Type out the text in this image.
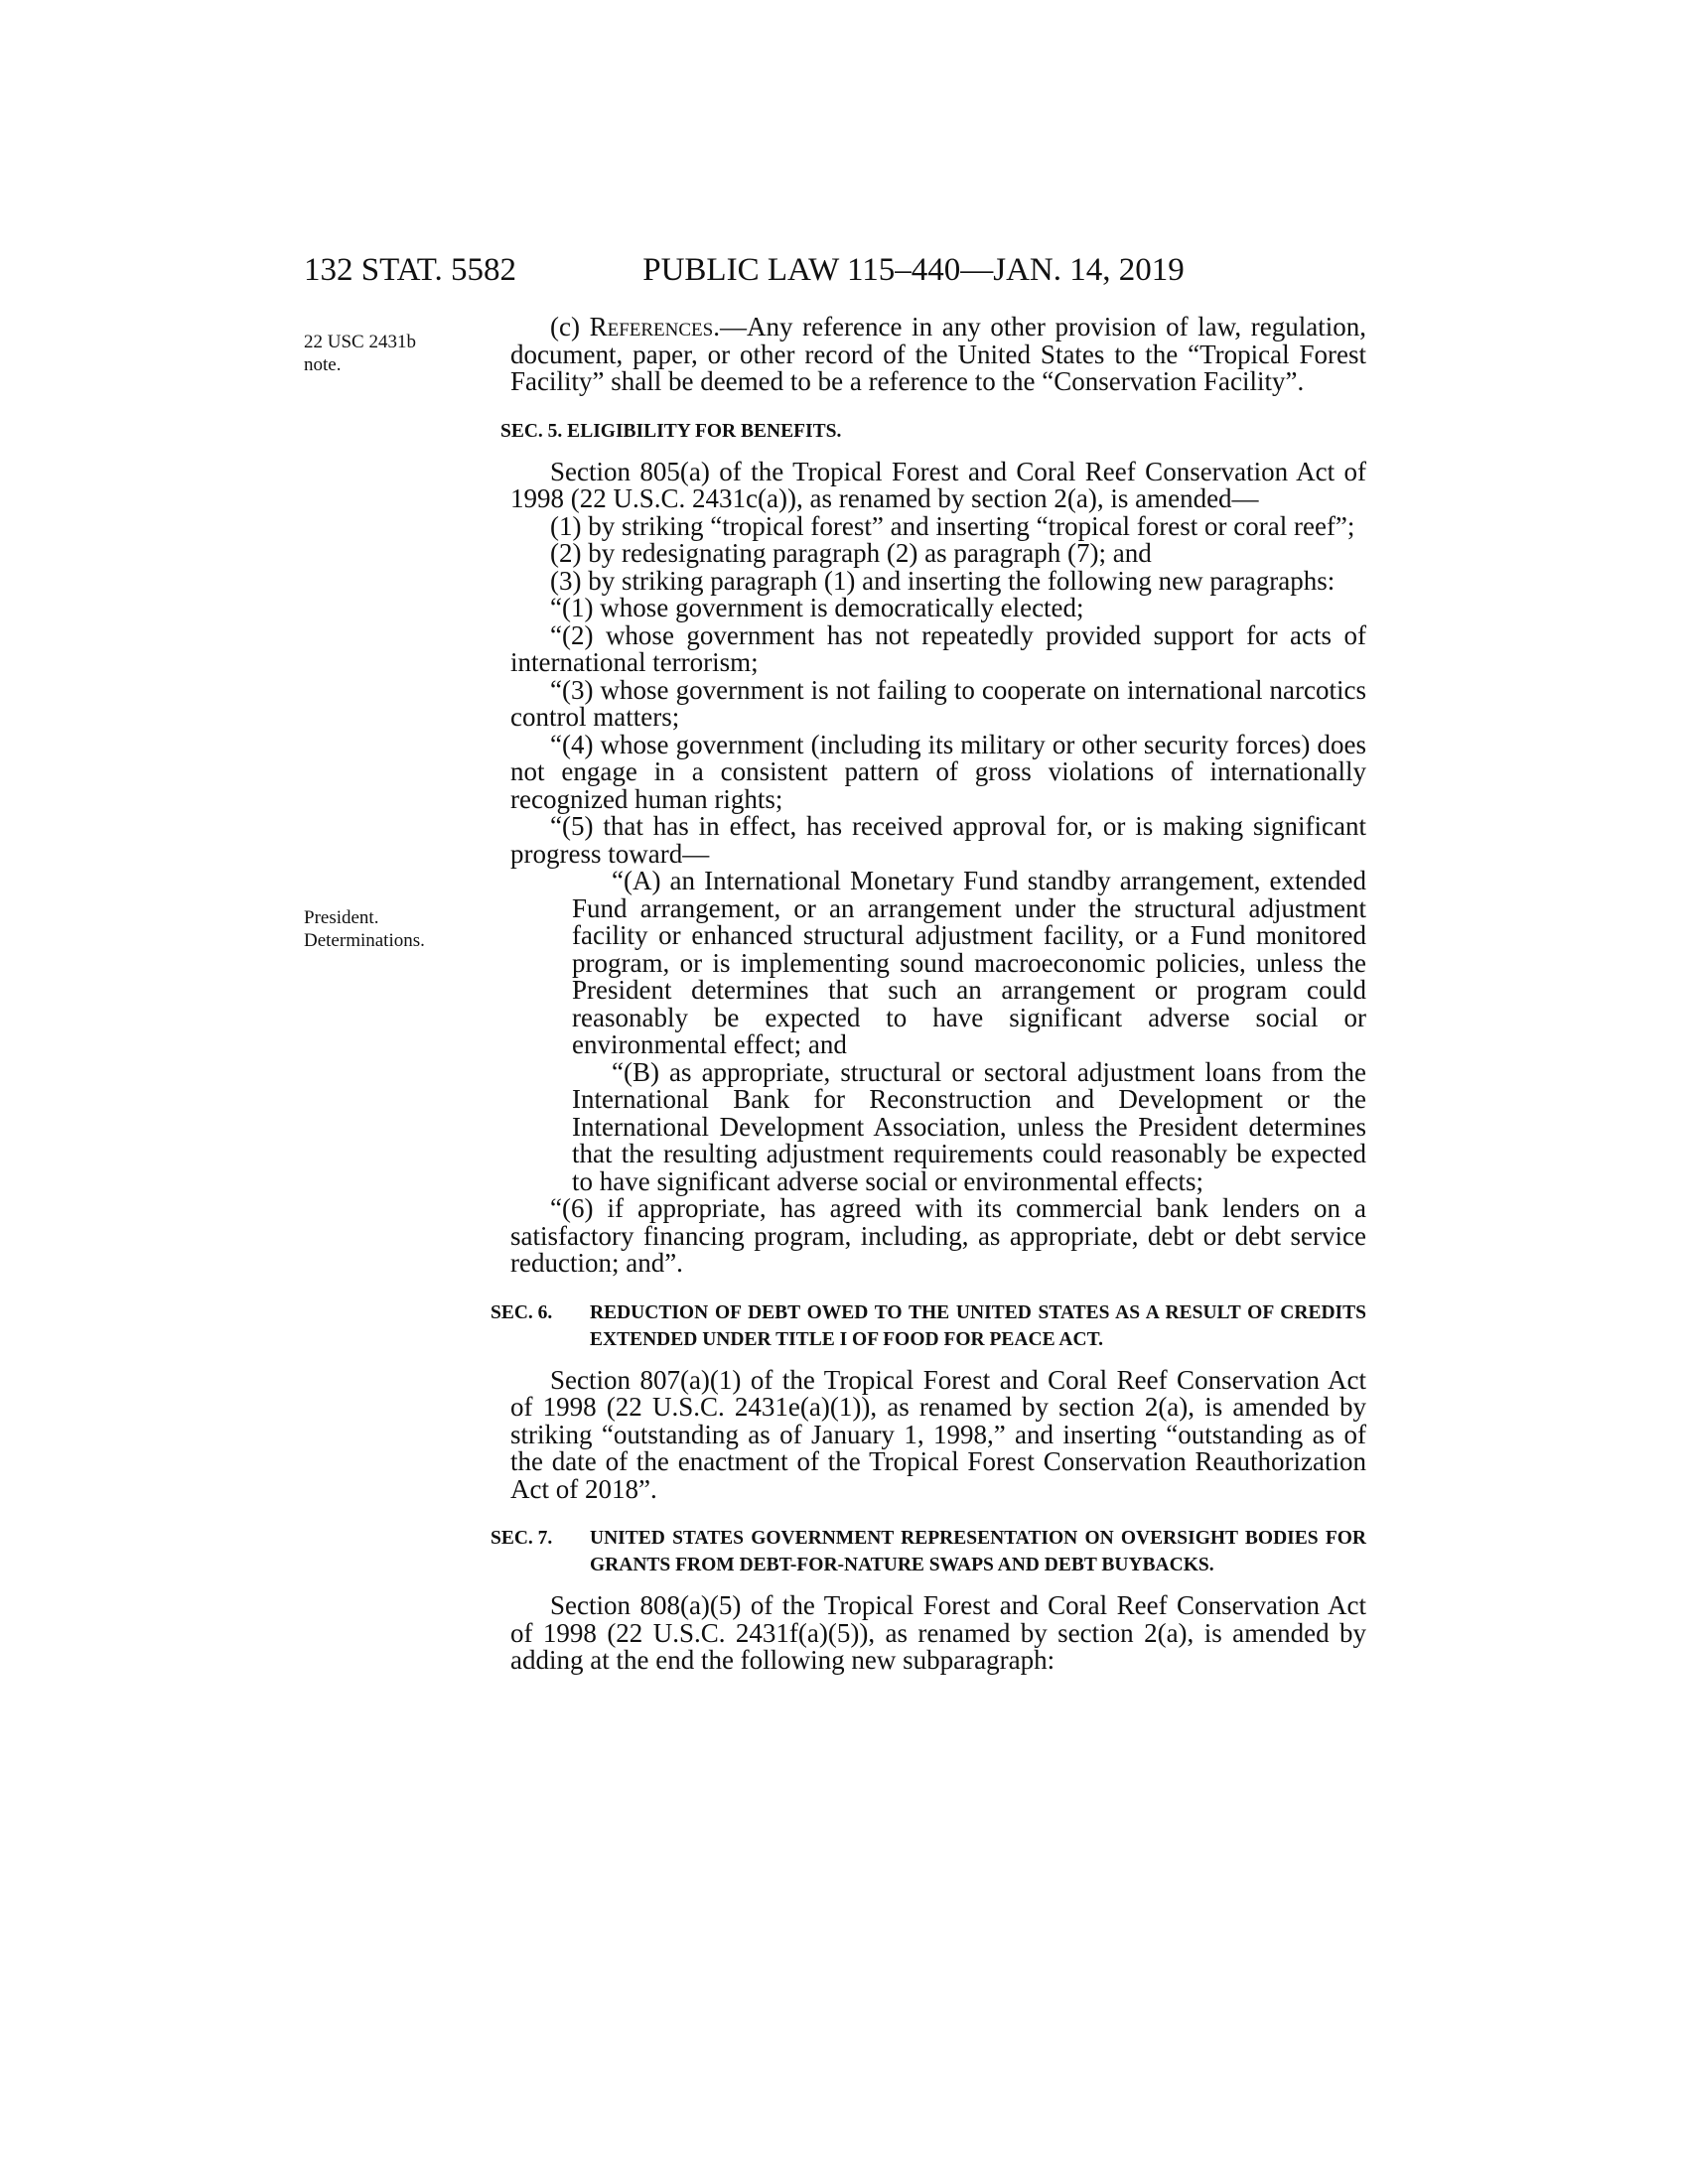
132 STAT. 5582	PUBLIC LAW 115–440—JAN. 14, 2019
22 USC 2431b
note.
President.
Determinations.

(c) References.—Any reference in any other provision of law, regulation, document, paper, or other record of the United States to the “Tropical Forest Facility” shall be deemed to be a reference to the “Conservation Facility”.

SEC. 5. ELIGIBILITY FOR BENEFITS.

Section 805(a) of the Tropical Forest and Coral Reef Conservation Act of 1998 (22 U.S.C. 2431c(a)), as renamed by section 2(a), is amended—

(1) by striking “tropical forest” and inserting “tropical forest or coral reef”;

(2) by redesignating paragraph (2) as paragraph (7); and

(3) by striking paragraph (1) and inserting the following new paragraphs:

“(1) whose government is democratically elected;

“(2) whose government has not repeatedly provided support for acts of international terrorism;

“(3) whose government is not failing to cooperate on international narcotics control matters;

“(4) whose government (including its military or other security forces) does not engage in a consistent pattern of gross violations of internationally recognized human rights;

“(5) that has in effect, has received approval for, or is making significant progress toward—

“(A) an International Monetary Fund standby arrangement, extended Fund arrangement, or an arrangement under the structural adjustment facility or enhanced structural adjustment facility, or a Fund monitored program, or is implementing sound macroeconomic policies, unless the President determines that such an arrangement or program could reasonably be expected to have significant adverse social or environmental effect; and

“(B) as appropriate, structural or sectoral adjustment loans from the International Bank for Reconstruction and Development or the International Development Association, unless the President determines that the resulting adjustment requirements could reasonably be expected to have significant adverse social or environmental effects;

“(6) if appropriate, has agreed with its commercial bank lenders on a satisfactory financing program, including, as appropriate, debt or debt service reduction; and”.

SEC. 6. REDUCTION OF DEBT OWED TO THE UNITED STATES AS A RESULT OF CREDITS EXTENDED UNDER TITLE I OF FOOD FOR PEACE ACT.

Section 807(a)(1) of the Tropical Forest and Coral Reef Conservation Act of 1998 (22 U.S.C. 2431e(a)(1)), as renamed by section 2(a), is amended by striking “outstanding as of January 1, 1998,” and inserting “outstanding as of the date of the enactment of the Tropical Forest Conservation Reauthorization Act of 2018”.

SEC. 7. UNITED STATES GOVERNMENT REPRESENTATION ON OVERSIGHT BODIES FOR GRANTS FROM DEBT-FOR-NATURE SWAPS AND DEBT BUYBACKS.

Section 808(a)(5) of the Tropical Forest and Coral Reef Conservation Act of 1998 (22 U.S.C. 2431f(a)(5)), as renamed by section 2(a), is amended by adding at the end the following new subparagraph:
